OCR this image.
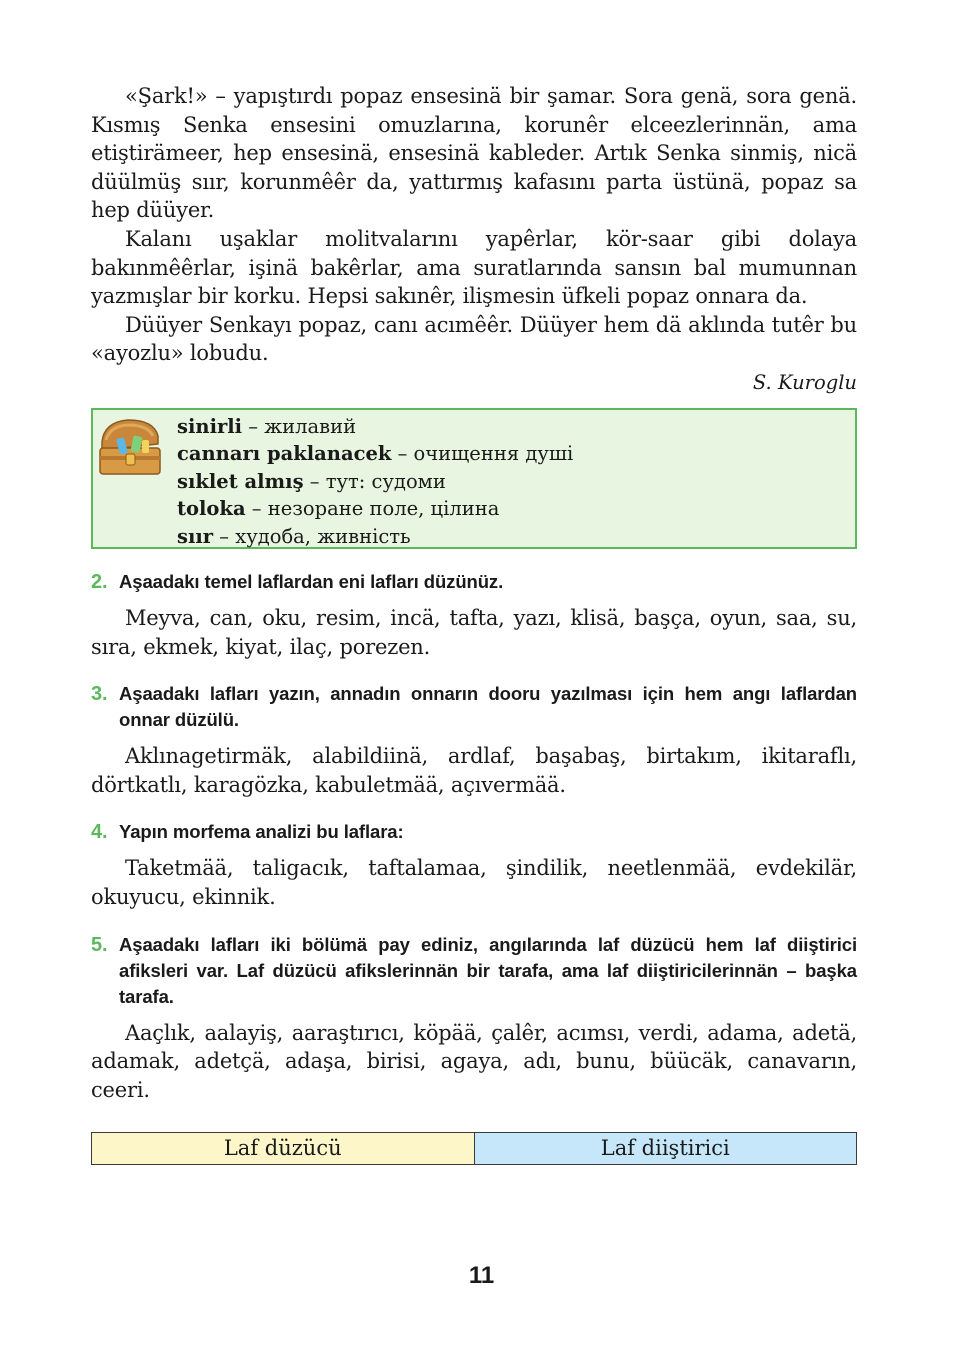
«Şark!» – yapıştırdı popaz ensesinä bir şamar. Sora genä, sora genä. Kısmış Senka ensesini omuzlarına, korunêr elceezlerinnän, ama etiştirämeer, hep ensesinä, ensesinä kableder. Artık Senka sinmiş, nicä düülmüş sıır, korunmêêr da, yattırmış kafasını parta üstünä, popaz sa hep düüyer.

Kalanı uşaklar molitvalarını yapêrlar, kör-saar gibi dolaya bakınmêêrlar, işinä bakêrlar, ama suratlarında sansın bal mumunnan yazmışlar bir korku. Hepsi sakınêr, ilişmesin üfkeli popaz onnara da.

Düüyer Senkayı popaz, canı acımêêr. Düüyer hem dä aklında tutêr bu «ayozlu» lobudu.

S. Kuroglu
sinirli – жилавий
cannarı paklanacek – очищення душі
sıklet almış – тут: судоми
toloka – незоране поле, цілина
sıır – худоба, живність
2. Aşaadakı temel laflardan eni lafları düzünüz.

Meyva, can, oku, resim, incä, tafta, yazı, klisä, başça, oyun, saa, su, sıra, ekmek, kiyat, ilaç, porezen.

3. Aşaadakı lafları yazın, annadın onnarın dooru yazılması için hem angı laflardan onnar düzülü.

Aklınagetirmäk, alabildiinä, ardlaf, başabaş, birtakım, ikitaraflı, dörtkatlı, karagözka, kabuletmää, açıvermää.

4. Yapın morfema analizi bu laflara:

Taketmää, taligacık, taftalamaa, şindilik, neetlenmää, evdekilär, okuyucu, ekinnik.

5. Aşaadakı lafları iki bölümä pay ediniz, angılarında laf düzücü hem laf diiştirici afiksleri var. Laf düzücü afikslerinnän bir tarafa, ama laf diiştiricilerinnän – başka tarafa.

Aaçlık, aalayiş, aaraştırıcı, köpää, çalêr, acımsı, verdi, adama, adetä, adamak, adetçä, adaşa, birisi, agaya, adı, bunu, büücäk, canavarın, ceeri.

Laf düzücü	Laf diiştirici
11
